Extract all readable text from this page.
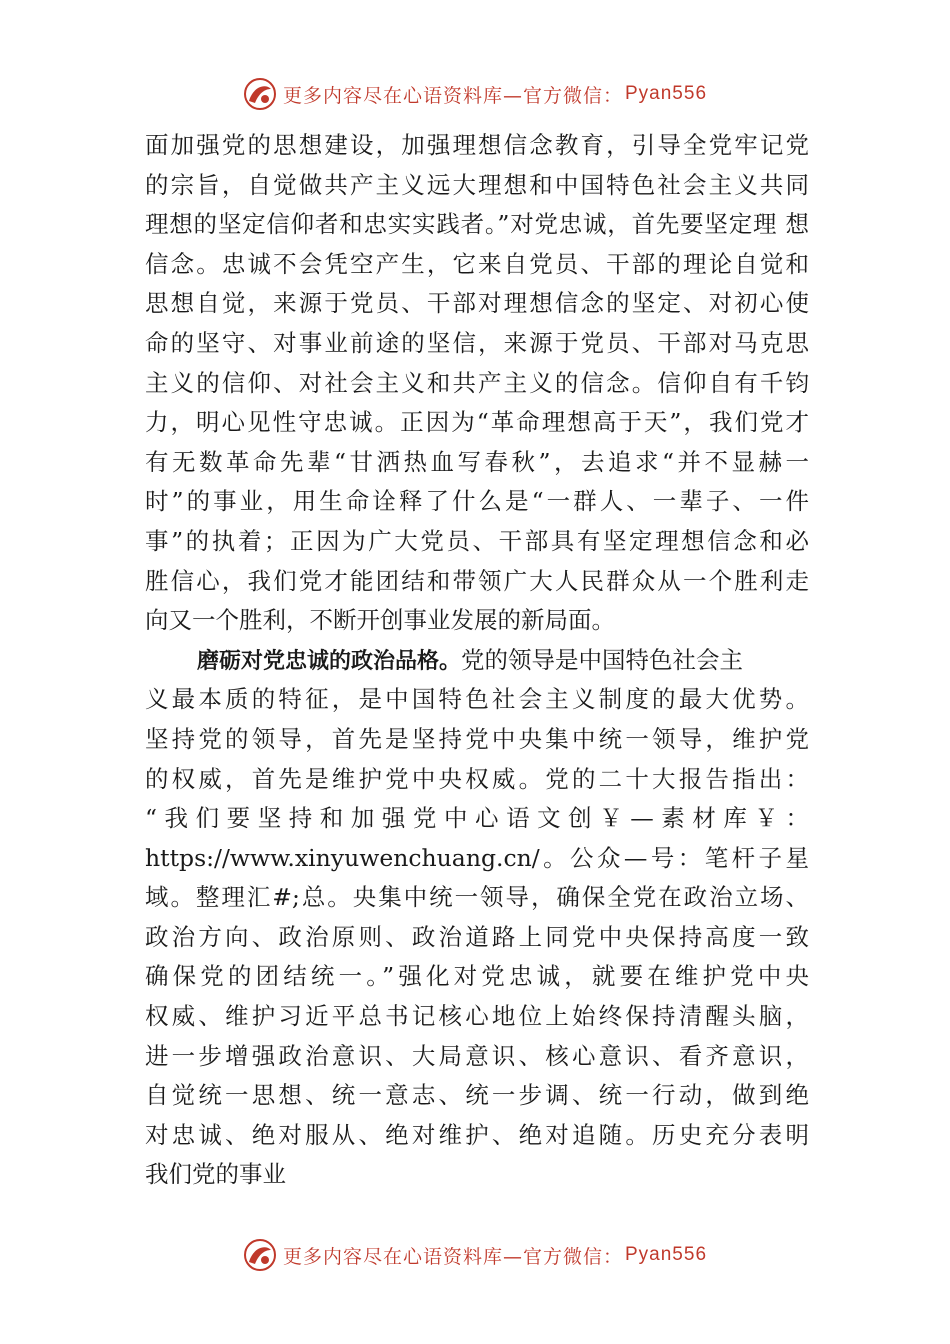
更多内容尽在心语资料库—官方微信： Pyan556
面加强党的思想建设，加强理想信念教育，引导全党牢记党
的宗旨，自觉做共产主义远大理想和中国特色社会主义共同
理想的坚定信仰者和忠实实践者。”对党忠诚，首先要坚定理 想
信念。忠诚不会凭空产生，它来自党员、干部的理论自觉和
思想自觉，来源于党员、干部对理想信念的坚定、对初心使
命的坚守、对事业前途的坚信，来源于党员、干部对马克思
主义的信仰、对社会主义和共产主义的信念。信仰自有千钧
力，明心见性守忠诚。正因为“革命理想高于天”，我们党才
有无数革命先辈“甘洒热血写春秋”，去追求“并不显赫一
时”的事业，用生命诠释了什么是“一群人、一辈子、一件
事”的执着；正因为广大党员、干部具有坚定理想信念和必
胜信心，我们党才能团结和带领广大人民群众从一个胜利走
向又一个胜利，不断开创事业发展的新局面。
磨砺对党忠诚的政治品格。党的领导是中国特色社会主
义最本质的特征，是中国特色社会主义制度的最大优势。
坚持党的领导，首先是坚持党中央集中统一领导，维护党
的权威，首先是维护党中央权威。党的二十大报告指出：
“我们要坚持和加强党中心语文创￥—素材库￥：
https://www.xinyuwenchuang.cn/。公众—号：笔杆子星
域。整理汇#;总。央集中统一领导，确保全党在政治立场、
政治方向、政治原则、政治道路上同党中央保持高度一致
确保党的团结统一。”强化对党忠诚，就要在维护党中央
权威、维护习近平总书记核心地位上始终保持清醒头脑，
进一步增强政治意识、大局意识、核心意识、看齐意识，
自觉统一思想、统一意志、统一步调、统一行动，做到绝
对忠诚、绝对服从、绝对维护、绝对追随。历史充分表明
我们党的事业
更多内容尽在心语资料库—官方微信： Pyan556
